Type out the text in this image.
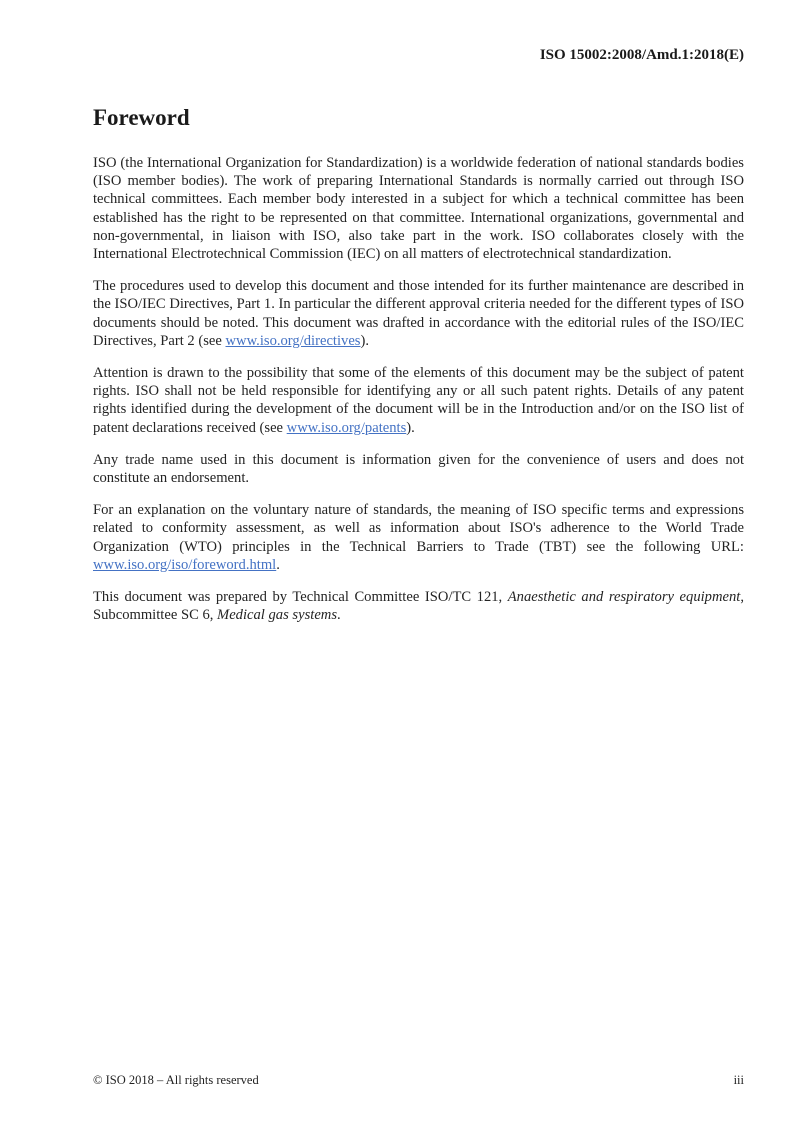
ISO 15002:2008/Amd.1:2018(E)
Foreword

ISO (the International Organization for Standardization) is a worldwide federation of national standards bodies (ISO member bodies). The work of preparing International Standards is normally carried out through ISO technical committees. Each member body interested in a subject for which a technical committee has been established has the right to be represented on that committee. International organizations, governmental and non-governmental, in liaison with ISO, also take part in the work. ISO collaborates closely with the International Electrotechnical Commission (IEC) on all matters of electrotechnical standardization.

The procedures used to develop this document and those intended for its further maintenance are described in the ISO/IEC Directives, Part 1. In particular the different approval criteria needed for the different types of ISO documents should be noted. This document was drafted in accordance with the editorial rules of the ISO/IEC Directives, Part 2 (see www.iso.org/directives).

Attention is drawn to the possibility that some of the elements of this document may be the subject of patent rights. ISO shall not be held responsible for identifying any or all such patent rights. Details of any patent rights identified during the development of the document will be in the Introduction and/or on the ISO list of patent declarations received (see www.iso.org/patents).

Any trade name used in this document is information given for the convenience of users and does not constitute an endorsement.

For an explanation on the voluntary nature of standards, the meaning of ISO specific terms and expressions related to conformity assessment, as well as information about ISO's adherence to the World Trade Organization (WTO) principles in the Technical Barriers to Trade (TBT) see the following URL: www.iso.org/iso/foreword.html.

This document was prepared by Technical Committee ISO/TC 121, Anaesthetic and respiratory equipment, Subcommittee SC 6, Medical gas systems.

© ISO 2018 – All rights reserved	iii
